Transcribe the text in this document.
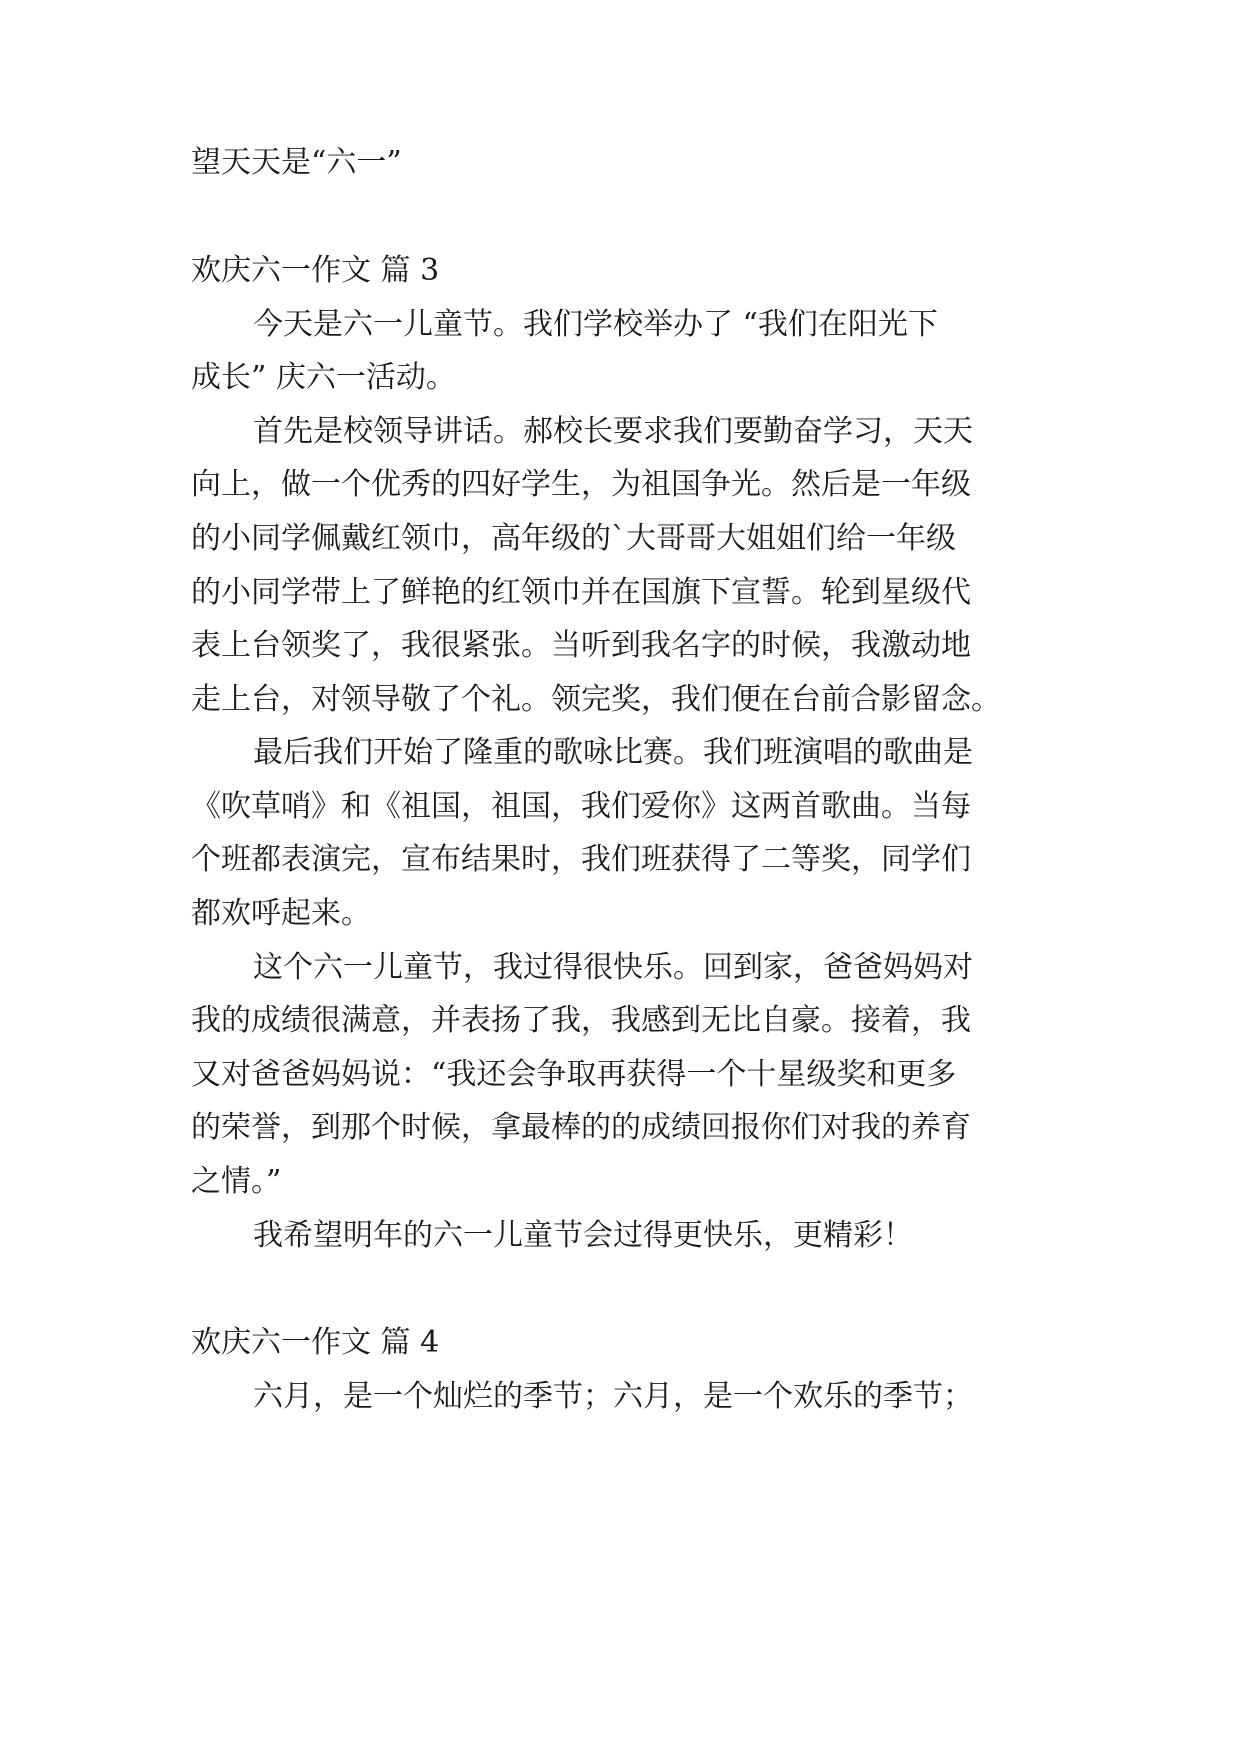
望天天是“六一”
欢庆六一作文 篇 3
今天是六一儿童节。我们学校举办了 “我们在阳光下
成长” 庆六一活动。
首先是校领导讲话。郝校长要求我们要勤奋学习，天天
向上，做一个优秀的四好学生，为祖国争光。然后是一年级
的小同学佩戴红领巾，高年级的`大哥哥大姐姐们给一年级
的小同学带上了鲜艳的红领巾并在国旗下宣誓。轮到星级代
表上台领奖了，我很紧张。当听到我名字的时候，我激动地
走上台，对领导敬了个礼。领完奖，我们便在台前合影留念。
最后我们开始了隆重的歌咏比赛。我们班演唱的歌曲是
《吹草哨》和《祖国，祖国，我们爱你》这两首歌曲。当每
个班都表演完，宣布结果时，我们班获得了二等奖，同学们
都欢呼起来。
这个六一儿童节，我过得很快乐。回到家，爸爸妈妈对
我的成绩很满意，并表扬了我，我感到无比自豪。接着，我
又对爸爸妈妈说：“我还会争取再获得一个十星级奖和更多
的荣誉，到那个时候，拿最棒的的成绩回报你们对我的养育
之情。”
我希望明年的六一儿童节会过得更快乐，更精彩！
欢庆六一作文 篇 4
六月，是一个灿烂的季节；六月，是一个欢乐的季节；
